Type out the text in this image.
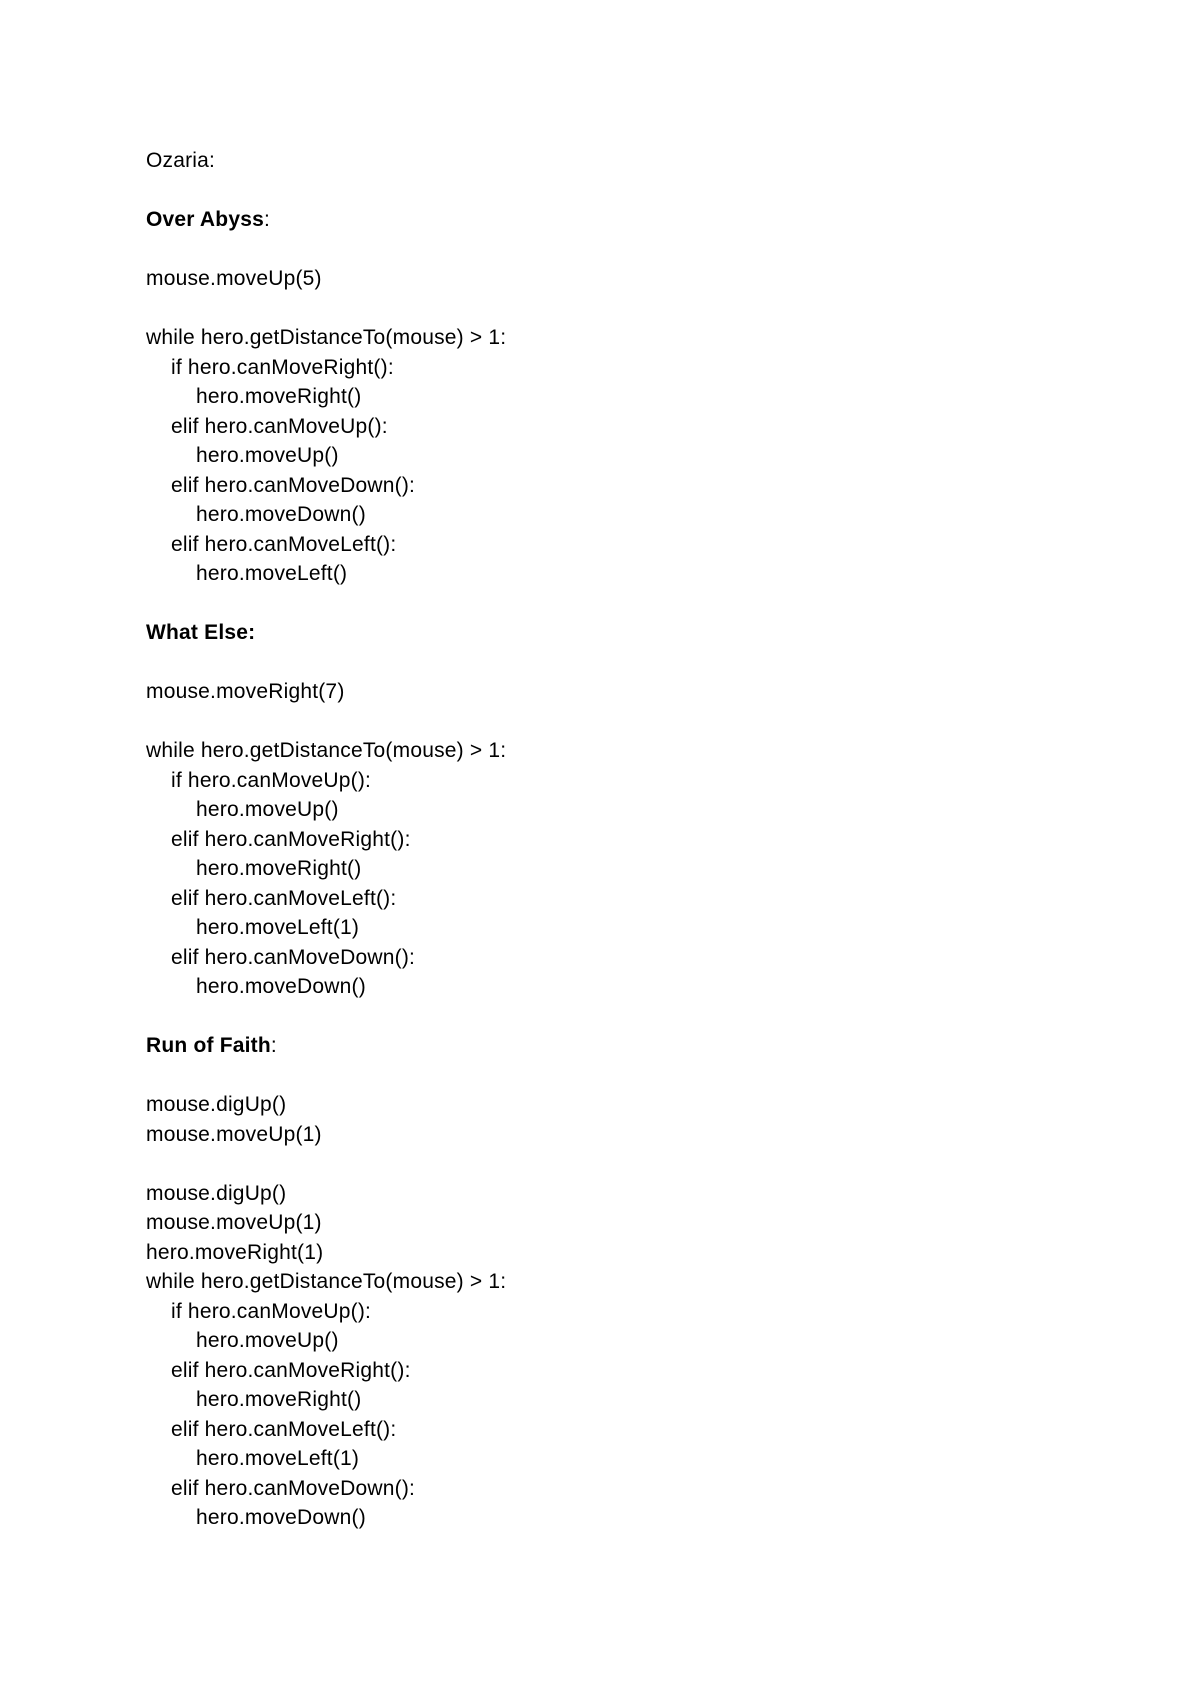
Ozaria:
Over Abyss:
mouse.moveUp(5)
while hero.getDistanceTo(mouse) > 1:
if hero.canMoveRight():
hero.moveRight()
elif hero.canMoveUp():
hero.moveUp()
elif hero.canMoveDown():
hero.moveDown()
elif hero.canMoveLeft():
hero.moveLeft()
What Else:
mouse.moveRight(7)
while hero.getDistanceTo(mouse) > 1:
if hero.canMoveUp():
hero.moveUp()
elif hero.canMoveRight():
hero.moveRight()
elif hero.canMoveLeft():
hero.moveLeft(1)
elif hero.canMoveDown():
hero.moveDown()
Run of Faith:
mouse.digUp()
mouse.moveUp(1)
mouse.digUp()
mouse.moveUp(1)
hero.moveRight(1)
while hero.getDistanceTo(mouse) > 1:
if hero.canMoveUp():
hero.moveUp()
elif hero.canMoveRight():
hero.moveRight()
elif hero.canMoveLeft():
hero.moveLeft(1)
elif hero.canMoveDown():
hero.moveDown()
